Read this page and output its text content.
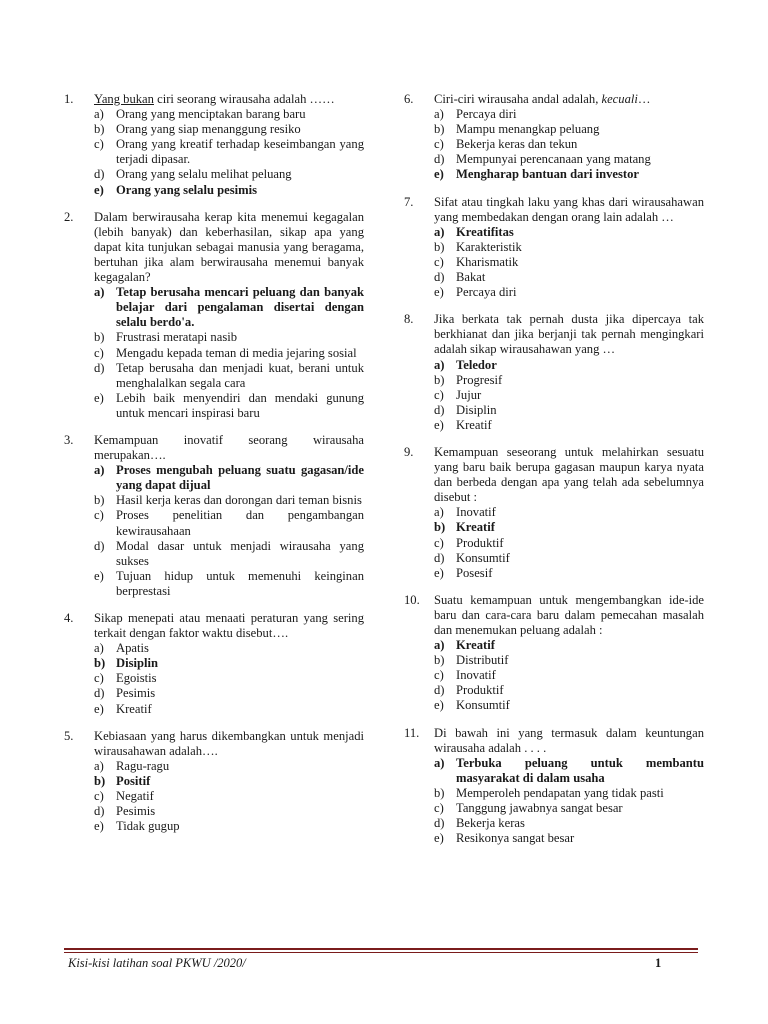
1.	Yang bukan ciri seorang wirausaha adalah ……
a) Orang yang menciptakan barang baru
b) Orang yang siap menanggung resiko
c) Orang yang kreatif terhadap keseimbangan yang terjadi dipasar.
d) Orang yang selalu melihat peluang
e) Orang yang selalu pesimis
2.	Dalam berwirausaha kerap kita menemui kegagalan (lebih banyak) dan keberhasilan, sikap apa yang dapat kita tunjukan sebagai manusia yang beragama, bertuhan jika alam berwirausaha menemui banyak kegagalan?
a) Tetap berusaha mencari peluang dan banyak belajar dari pengalaman disertai dengan selalu berdo'a.
b) Frustrasi meratapi nasib
c) Mengadu kepada teman di media jejaring sosial
d) Tetap berusaha dan menjadi kuat, berani untuk menghalalkan segala cara
e) Lebih baik menyendiri dan mendaki gunung untuk mencari inspirasi baru
3.	Kemampuan inovatif seorang wirausaha merupakan….
a) Proses mengubah peluang suatu gagasan/ide yang dapat dijual
b) Hasil kerja keras dan dorongan dari teman bisnis
c) Proses penelitian dan pengambangan kewirausahaan
d) Modal dasar untuk menjadi wirausaha yang sukses
e) Tujuan hidup untuk memenuhi keinginan berprestasi
4.	Sikap menepati atau menaati peraturan yang sering terkait dengan faktor waktu disebut….
a) Apatis
b) Disiplin
c) Egoistis
d) Pesimis
e) Kreatif
5.	Kebiasaan yang harus dikembangkan untuk menjadi wirausahawan adalah….
a) Ragu-ragu
b) Positif
c) Negatif
d) Pesimis
e) Tidak gugup
6.	Ciri-ciri wirausaha andal adalah, kecuali…
a) Percaya diri
b) Mampu menangkap peluang
c) Bekerja keras dan tekun
d) Mempunyai perencanaan yang matang
e) Mengharap bantuan dari investor
7.	Sifat atau tingkah laku yang khas dari wirausahawan yang membedakan dengan orang lain adalah …
a) Kreatifitas
b) Karakteristik
c) Kharismatik
d) Bakat
e) Percaya diri
8.	Jika berkata tak pernah dusta jika dipercaya tak berkhianat dan jika berjanji tak pernah mengingkari adalah sikap wirausahawan yang …
a) Teledor
b) Progresif
c) Jujur
d) Disiplin
e) Kreatif
9.	Kemampuan seseorang untuk melahirkan sesuatu yang baru baik berupa gagasan maupun karya nyata dan berbeda dengan apa yang telah ada sebelumnya disebut :
a) Inovatif
b) Kreatif
c) Produktif
d) Konsumtif
e) Posesif
10.	Suatu kemampuan untuk mengembangkan ide-ide baru dan cara-cara baru dalam pemecahan masalah dan menemukan peluang adalah :
a) Kreatif
b) Distributif
c) Inovatif
d) Produktif
e) Konsumtif
11.	Di bawah ini yang termasuk dalam keuntungan wirausaha adalah . . . .
a) Terbuka peluang untuk membantu masyarakat di dalam usaha
b) Memperoleh pendapatan yang tidak pasti
c) Tanggung jawabnya sangat besar
d) Bekerja keras
e) Resikonya sangat besar
Kisi-kisi latihan soal PKWU /2020/	1
